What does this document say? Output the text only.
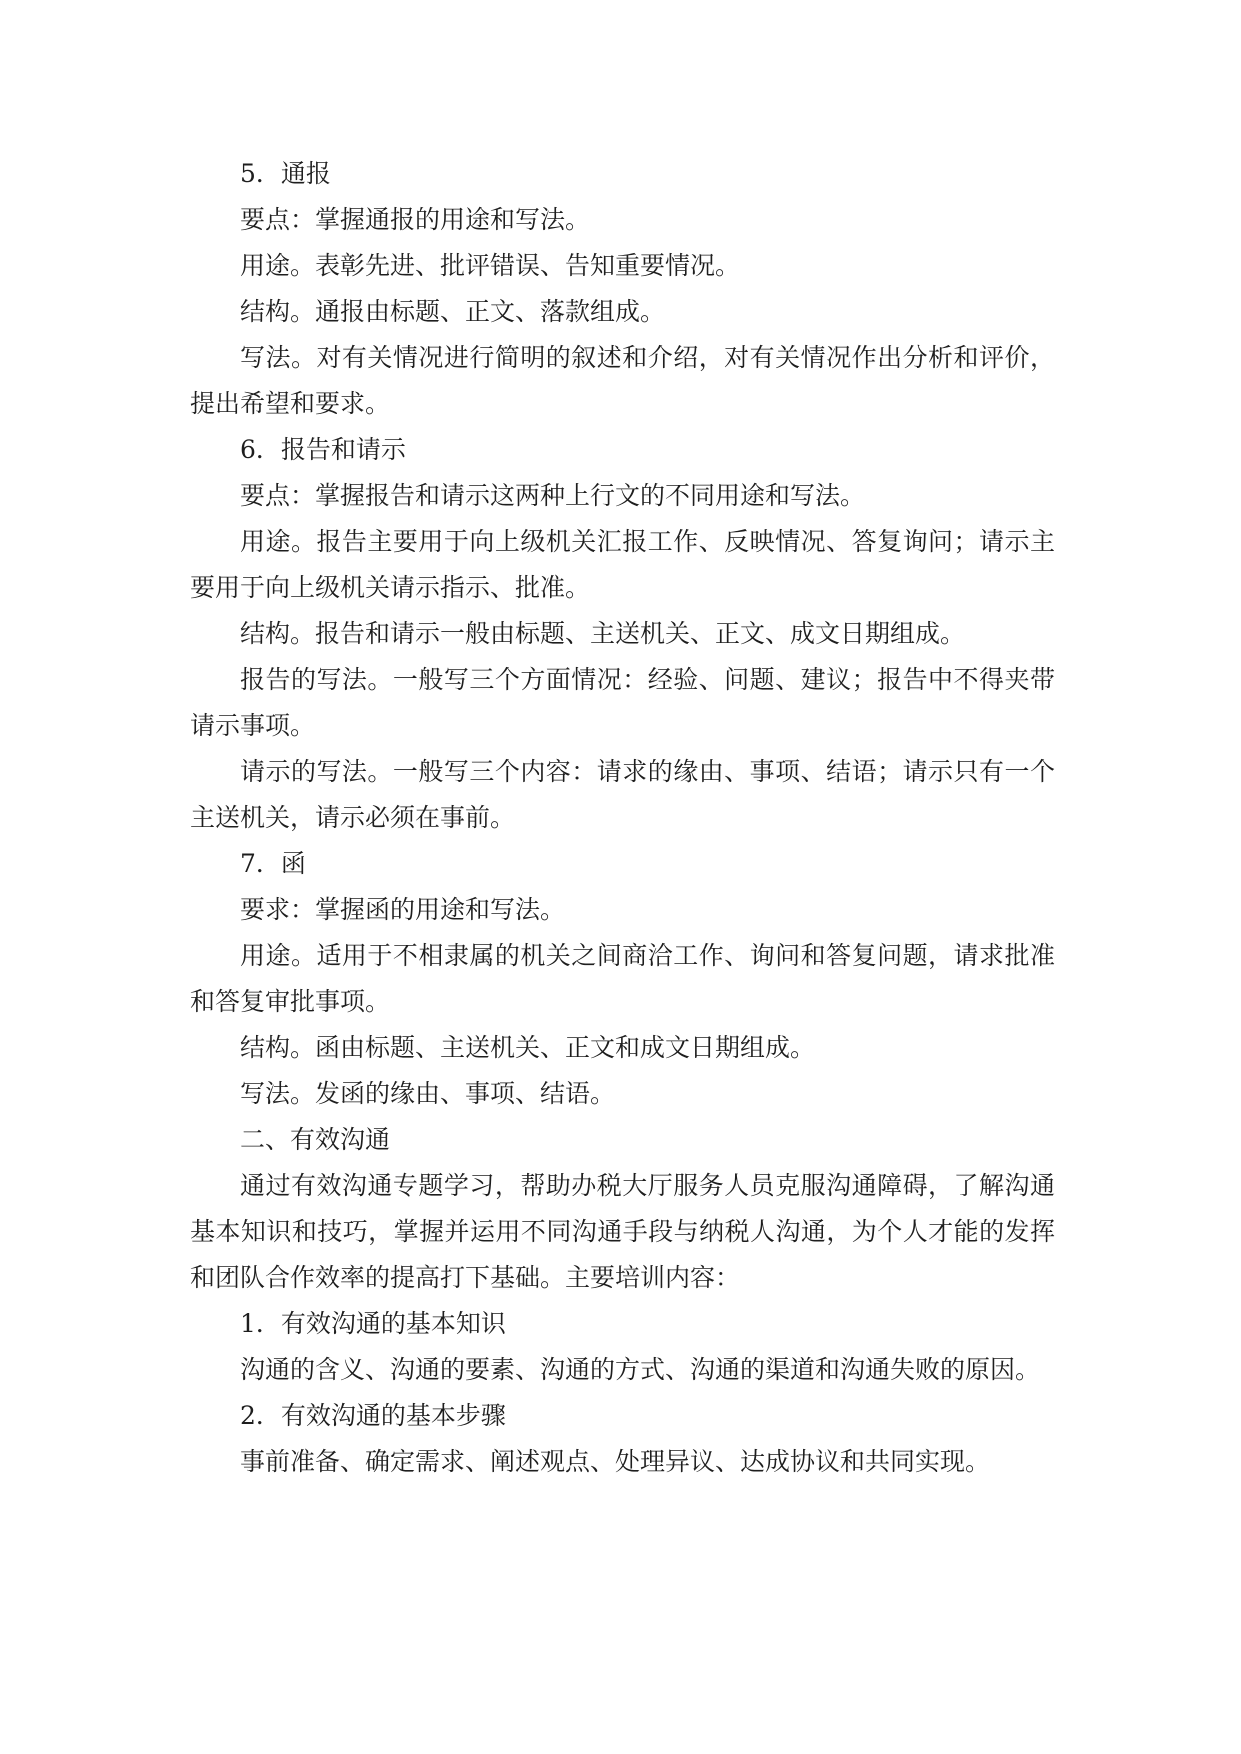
5．通报

要点：掌握通报的用途和写法。

用途。表彰先进、批评错误、告知重要情况。

结构。通报由标题、正文、落款组成。

写法。对有关情况进行简明的叙述和介绍，对有关情况作出分析和评价，提出希望和要求。

6．报告和请示

要点：掌握报告和请示这两种上行文的不同用途和写法。

用途。报告主要用于向上级机关汇报工作、反映情况、答复询问；请示主要用于向上级机关请示指示、批准。

结构。报告和请示一般由标题、主送机关、正文、成文日期组成。

报告的写法。一般写三个方面情况：经验、问题、建议；报告中不得夹带请示事项。

请示的写法。一般写三个内容：请求的缘由、事项、结语；请示只有一个主送机关，请示必须在事前。

7．函

要求：掌握函的用途和写法。

用途。适用于不相隶属的机关之间商洽工作、询问和答复问题，请求批准和答复审批事项。

结构。函由标题、主送机关、正文和成文日期组成。

写法。发函的缘由、事项、结语。

二、有效沟通

通过有效沟通专题学习，帮助办税大厅服务人员克服沟通障碍，了解沟通基本知识和技巧，掌握并运用不同沟通手段与纳税人沟通，为个人才能的发挥和团队合作效率的提高打下基础。主要培训内容：

1．有效沟通的基本知识

沟通的含义、沟通的要素、沟通的方式、沟通的渠道和沟通失败的原因。

2．有效沟通的基本步骤

事前准备、确定需求、阐述观点、处理异议、达成协议和共同实现。
